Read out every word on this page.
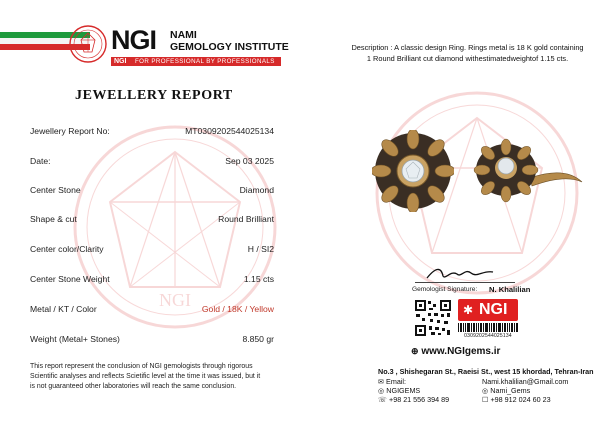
NGI NAMI
GEMOLOGY INSTITUTE
NGI FOR PROFESSIONAL BY PROFESSIONALS
NGI
JEWELLERY REPORT
Jewellery Report No:	MT0309202544025134
Date:	Sep 03 2025
Center Stone	Diamond
Shape & cut	Round Brilliant
Center color/Clarity	H / SI2
Center Stone Weight	1.15 cts
Metal / KT / Color	Gold / 18K / Yellow
Weight (Metal+ Stones)	8.850 gr
This report represent the conclusion of NGI gemologists through rigorous
Scientific analyses and reflects Scietific level at the time it was issued, but it
is not guaranteed other laboratories will reach the same conclusion.
Description : A classic design Ring. Rings metal is 18 K gold containing
1 Round Brilliant cut diamond withestimatedweightof 1.15 cts.
Gemologist Signature: N. Khalilian
✱ NGI
0309202544025134
⊕ www.NGIgems.ir
No.3 , Shishegaran St., Raeisi St., west 15 khordad, Tehran-Iran
✉ Email:	Nami.khalilian@Gmail.com
◎ NGIGEMS	◎ Nami_Gems
☏ +98 21 556 394 89	☐ +98 912 024 60 23
